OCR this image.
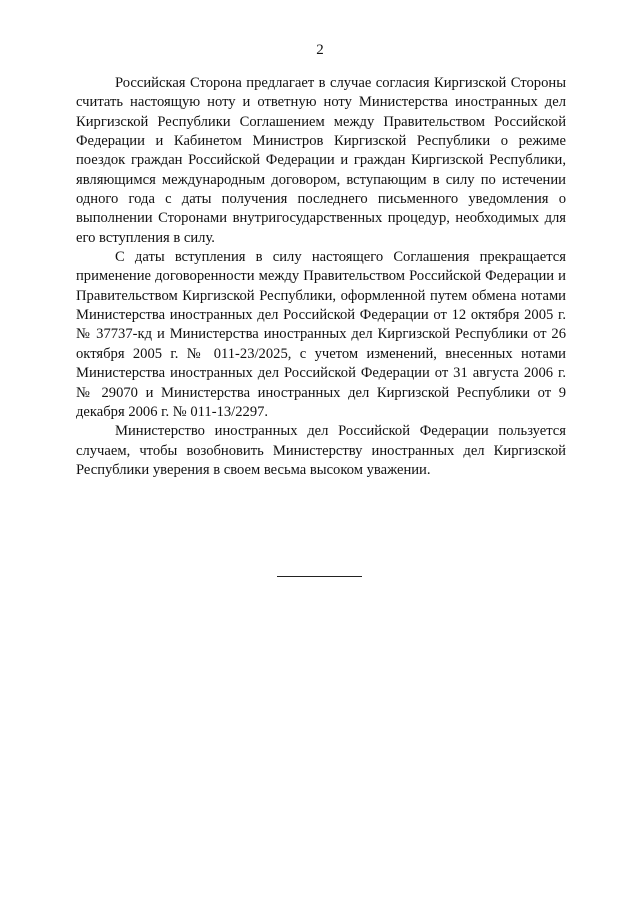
2

Российская Сторона предлагает в случае согласия Киргизской Стороны считать настоящую ноту и ответную ноту Министерства иностранных дел Киргизской Республики Соглашением между Правительством Российской Федерации и Кабинетом Министров Киргизской Республики о режиме поездок граждан Российской Федерации и граждан Киргизской Республики, являющимся международным договором, вступающим в силу по истечении одного года с даты получения последнего письменного уведомления о выполнении Сторонами внутригосударственных процедур, необходимых для его вступления в силу.

С даты вступления в силу настоящего Соглашения прекращается применение договоренности между Правительством Российской Федерации и Правительством Киргизской Республики, оформленной путем обмена нотами Министерства иностранных дел Российской Федерации от 12 октября 2005 г. № 37737-кд и Министерства иностранных дел Киргизской Республики от 26 октября 2005 г. № 011-23/2025, с учетом изменений, внесенных нотами Министерства иностранных дел Российской Федерации от 31 августа 2006 г. № 29070 и Министерства иностранных дел Киргизской Республики от 9 декабря 2006 г. № 011-13/2297.

Министерство иностранных дел Российской Федерации пользуется случаем, чтобы возобновить Министерству иностранных дел Киргизской Республики уверения в своем весьма высоком уважении.
